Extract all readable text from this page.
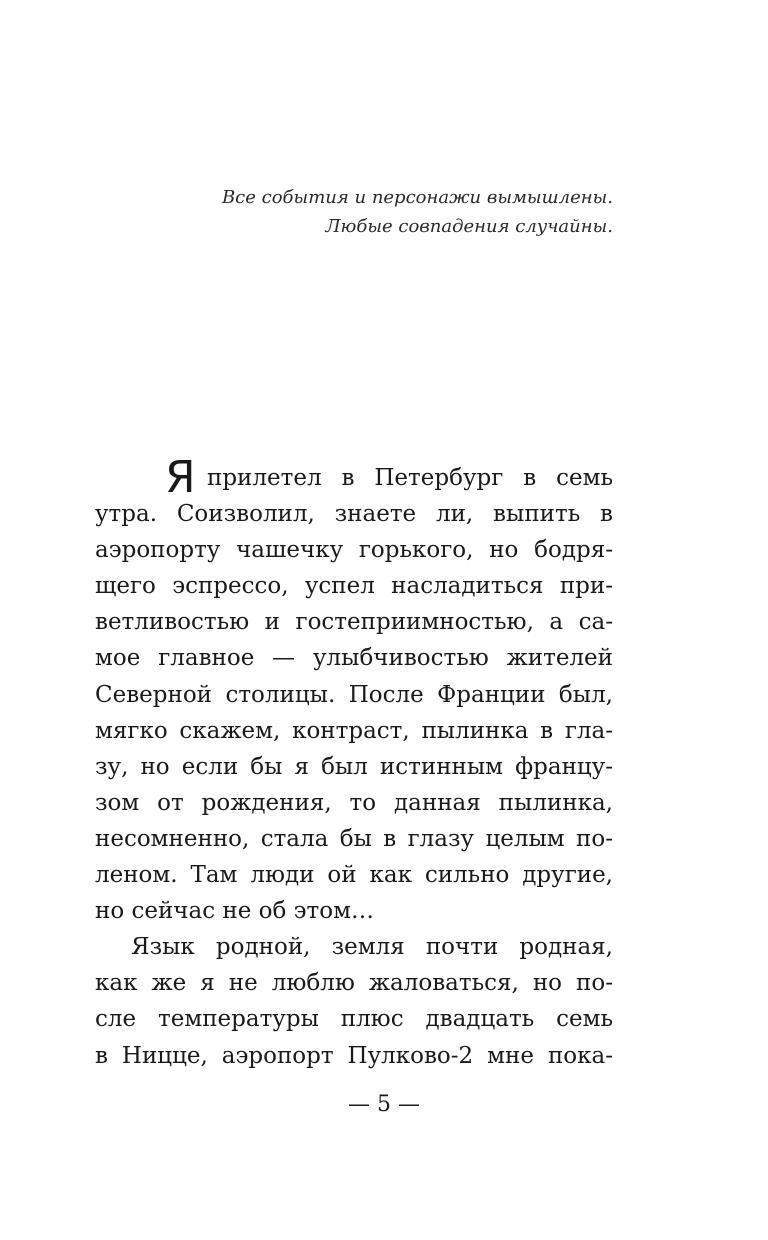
Все события и персонажи вымышлены.
Любые совпадения случайны.
Я прилетел в Петербург в семь
утра. Соизволил, знаете ли, выпить в
аэропорту чашечку горького, но бодря-
щего эспрессо, успел насладиться при-
ветливостью и гостеприимностью, а са-
мое главное — улыбчивостью жителей
Северной столицы. После Франции был,
мягко скажем, контраст, пылинка в гла-
зу, но если бы я был истинным францу-
зом от рождения, то данная пылинка,
несомненно, стала бы в глазу целым по-
леном. Там люди ой как сильно другие,
но сейчас не об этом…
Язык родной, земля почти родная,
как же я не люблю жаловаться, но по-
сле температуры плюс двадцать семь
в Ницце, аэропорт Пулково-2 мне пока-
— 5 —
